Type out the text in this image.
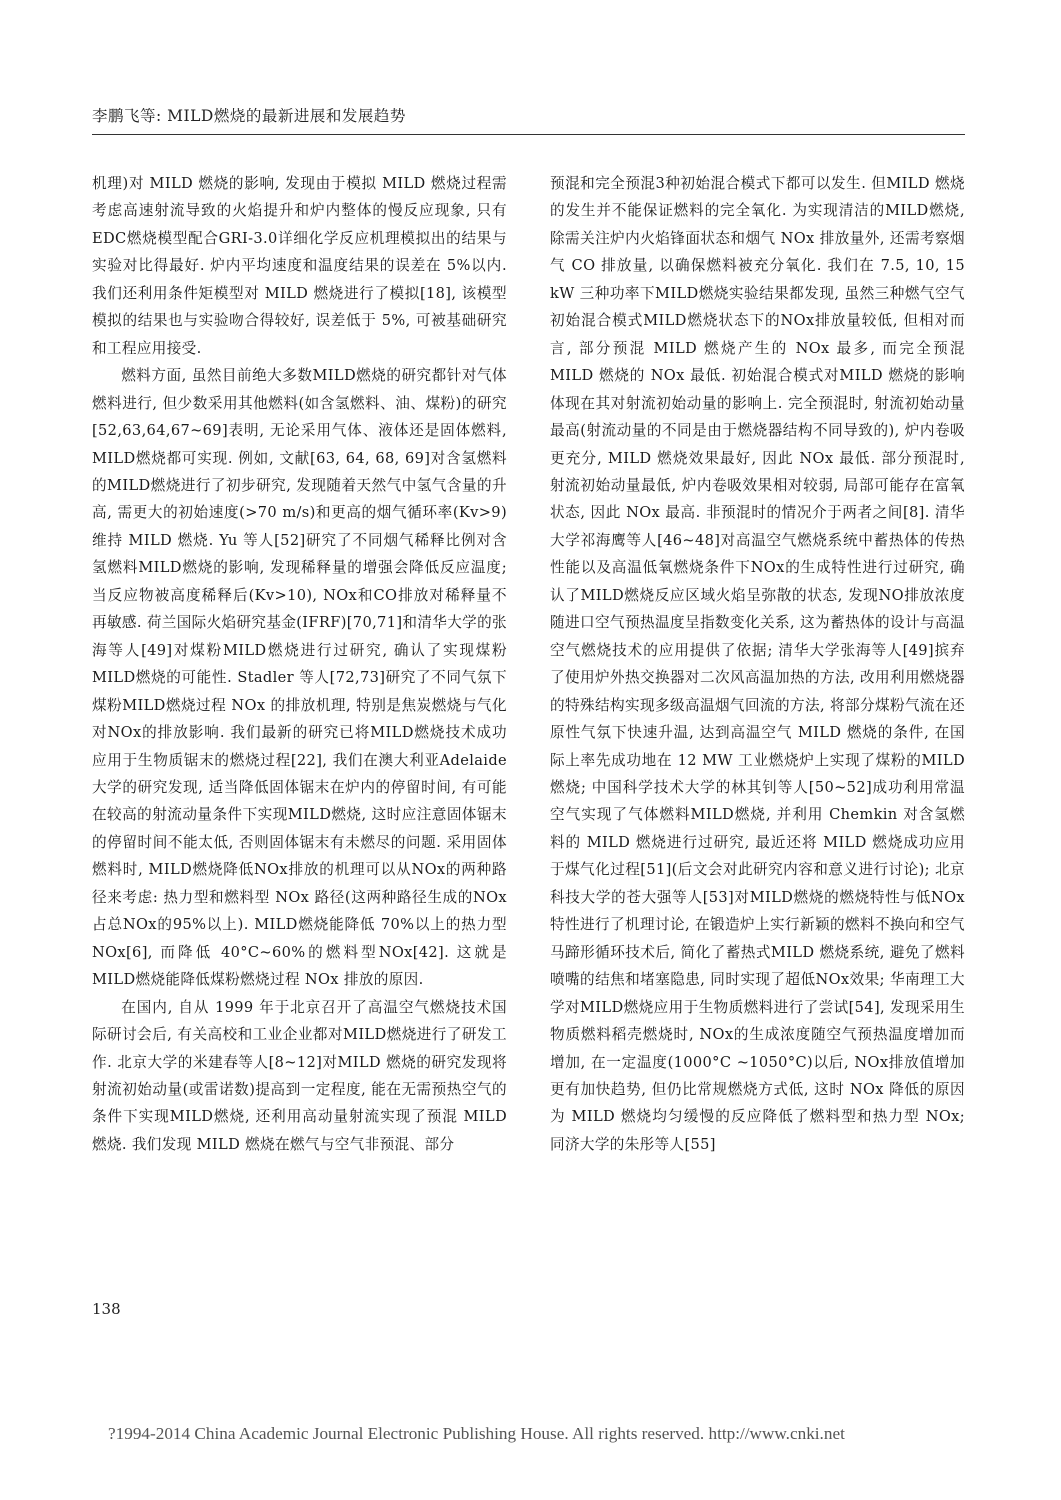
李鹏飞等: MILD燃烧的最新进展和发展趋势

机理)对 MILD 燃烧的影响, 发现由于模拟 MILD 燃烧过程需考虑高速射流导致的火焰提升和炉内整体的慢反应现象, 只有EDC燃烧模型配合GRI-3.0详细化学反应机理模拟出的结果与实验对比得最好. 炉内平均速度和温度结果的误差在 5%以内. 我们还利用条件矩模型对 MILD 燃烧进行了模拟[18], 该模型模拟的结果也与实验吻合得较好, 误差低于 5%, 可被基础研究和工程应用接受.

燃料方面, 虽然目前绝大多数MILD燃烧的研究都针对气体燃料进行, 但少数采用其他燃料(如含氢燃料、油、煤粉)的研究[52,63,64,67~69]表明, 无论采用气体、液体还是固体燃料, MILD燃烧都可实现. 例如, 文献[63, 64, 68, 69]对含氢燃料的MILD燃烧进行了初步研究, 发现随着天然气中氢气含量的升高, 需更大的初始速度(>70 m/s)和更高的烟气循环率(Kv>9)维持 MILD 燃烧. Yu 等人[52]研究了不同烟气稀释比例对含氢燃料MILD燃烧的影响, 发现稀释量的增强会降低反应温度; 当反应物被高度稀释后(Kv>10), NOx和CO排放对稀释量不再敏感. 荷兰国际火焰研究基金(IFRF)[70,71]和清华大学的张海等人[49]对煤粉MILD燃烧进行过研究, 确认了实现煤粉MILD燃烧的可能性. Stadler 等人[72,73]研究了不同气氛下煤粉MILD燃烧过程 NOx 的排放机理, 特别是焦炭燃烧与气化对NOx的排放影响. 我们最新的研究已将MILD燃烧技术成功应用于生物质锯末的燃烧过程[22], 我们在澳大利亚Adelaide大学的研究发现, 适当降低固体锯末在炉内的停留时间, 有可能在较高的射流动量条件下实现MILD燃烧, 这时应注意固体锯末的停留时间不能太低, 否则固体锯末有未燃尽的问题. 采用固体燃料时, MILD燃烧降低NOx排放的机理可以从NOx的两种路径来考虑: 热力型和燃料型 NOx 路径(这两种路径生成的NOx占总NOx的95%以上). MILD燃烧能降低 70%以上的热力型 NOx[6], 而降低 40°C~60%的燃料型NOx[42]. 这就是MILD燃烧能降低煤粉燃烧过程 NOx 排放的原因.

在国内, 自从 1999 年于北京召开了高温空气燃烧技术国际研讨会后, 有关高校和工业企业都对MILD燃烧进行了研发工作. 北京大学的米建春等人[8~12]对MILD 燃烧的研究发现将射流初始动量(或雷诺数)提高到一定程度, 能在无需预热空气的条件下实现MILD燃烧, 还利用高动量射流实现了预混 MILD 燃烧. 我们发现 MILD 燃烧在燃气与空气非预混、部分

预混和完全预混3种初始混合模式下都可以发生. 但MILD 燃烧的发生并不能保证燃料的完全氧化. 为实现清洁的MILD燃烧, 除需关注炉内火焰锋面状态和烟气 NOx 排放量外, 还需考察烟气 CO 排放量, 以确保燃料被充分氧化. 我们在 7.5, 10, 15 kW 三种功率下MILD燃烧实验结果都发现, 虽然三种燃气空气初始混合模式MILD燃烧状态下的NOx排放量较低, 但相对而言, 部分预混 MILD 燃烧产生的 NOx 最多, 而完全预混 MILD 燃烧的 NOx 最低. 初始混合模式对MILD 燃烧的影响体现在其对射流初始动量的影响上. 完全预混时, 射流初始动量最高(射流动量的不同是由于燃烧器结构不同导致的), 炉内卷吸更充分, MILD 燃烧效果最好, 因此 NOx 最低. 部分预混时, 射流初始动量最低, 炉内卷吸效果相对较弱, 局部可能存在富氧状态, 因此 NOx 最高. 非预混时的情况介于两者之间[8]. 清华大学祁海鹰等人[46~48]对高温空气燃烧系统中蓄热体的传热性能以及高温低氧燃烧条件下NOx的生成特性进行过研究, 确认了MILD燃烧反应区域火焰呈弥散的状态, 发现NO排放浓度随进口空气预热温度呈指数变化关系, 这为蓄热体的设计与高温空气燃烧技术的应用提供了依据; 清华大学张海等人[49]摈弃了使用炉外热交换器对二次风高温加热的方法, 改用利用燃烧器的特殊结构实现多级高温烟气回流的方法, 将部分煤粉气流在还原性气氛下快速升温, 达到高温空气 MILD 燃烧的条件, 在国际上率先成功地在 12 MW 工业燃烧炉上实现了煤粉的MILD燃烧; 中国科学技术大学的林其钊等人[50~52]成功利用常温空气实现了气体燃料MILD燃烧, 并利用 Chemkin 对含氢燃料的 MILD 燃烧进行过研究, 最近还将 MILD 燃烧成功应用于煤气化过程[51](后文会对此研究内容和意义进行讨论); 北京科技大学的苍大强等人[53]对MILD燃烧的燃烧特性与低NOx特性进行了机理讨论, 在锻造炉上实行新颖的燃料不换向和空气马蹄形循环技术后, 简化了蓄热式MILD 燃烧系统, 避免了燃料喷嘴的结焦和堵塞隐患, 同时实现了超低NOx效果; 华南理工大学对MILD燃烧应用于生物质燃料进行了尝试[54], 发现采用生物质燃料稻壳燃烧时, NOx的生成浓度随空气预热温度增加而增加, 在一定温度(1000°C ~1050°C)以后, NOx排放值增加更有加快趋势, 但仍比常规燃烧方式低, 这时 NOx 降低的原因为 MILD 燃烧均匀缓慢的反应降低了燃料型和热力型 NOx; 同济大学的朱彤等人[55]

138
?1994-2014 China Academic Journal Electronic Publishing House. All rights reserved. http://www.cnki.net
